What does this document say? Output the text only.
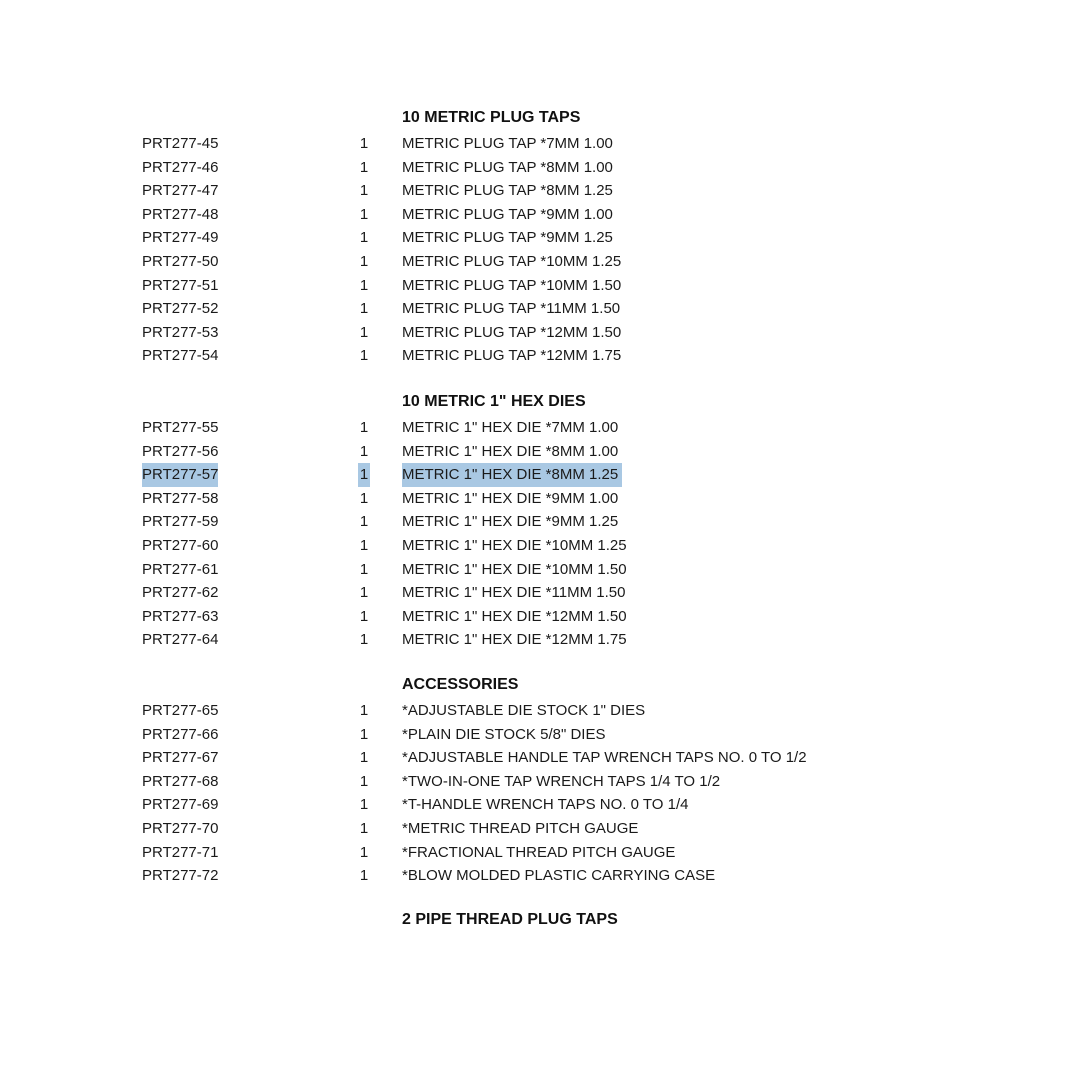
10 METRIC PLUG TAPS
PRT277-45	1 METRIC PLUG TAP *7MM 1.00
PRT277-46	1 METRIC PLUG TAP *8MM 1.00
PRT277-47	1 METRIC PLUG TAP *8MM 1.25
PRT277-48	1 METRIC PLUG TAP *9MM 1.00
PRT277-49	1 METRIC PLUG TAP *9MM 1.25
PRT277-50	1 METRIC PLUG TAP *10MM 1.25
PRT277-51	1 METRIC PLUG TAP *10MM 1.50
PRT277-52	1 METRIC PLUG TAP *11MM 1.50
PRT277-53	1 METRIC PLUG TAP *12MM 1.50
PRT277-54	1 METRIC PLUG TAP *12MM 1.75
10 METRIC 1" HEX DIES
PRT277-55	1 METRIC 1" HEX DIE *7MM 1.00
PRT277-56	1 METRIC 1" HEX DIE *8MM 1.00
PRT277-57	1 METRIC 1" HEX DIE *8MM 1.25
PRT277-58	1 METRIC 1" HEX DIE *9MM 1.00
PRT277-59	1 METRIC 1" HEX DIE *9MM 1.25
PRT277-60	1 METRIC 1" HEX DIE *10MM 1.25
PRT277-61	1 METRIC 1" HEX DIE *10MM 1.50
PRT277-62	1 METRIC 1" HEX DIE *11MM 1.50
PRT277-63	1 METRIC 1" HEX DIE *12MM 1.50
PRT277-64	1 METRIC 1" HEX DIE *12MM 1.75
ACCESSORIES
PRT277-65	1 *ADJUSTABLE DIE STOCK 1" DIES
PRT277-66	1 *PLAIN DIE STOCK 5/8" DIES
PRT277-67	1 *ADJUSTABLE HANDLE TAP WRENCH TAPS NO. 0 TO 1/2
PRT277-68	1 *TWO-IN-ONE TAP WRENCH TAPS 1/4 TO 1/2
PRT277-69	1 *T-HANDLE WRENCH TAPS NO. 0 TO 1/4
PRT277-70	1 *METRIC THREAD PITCH GAUGE
PRT277-71	1 *FRACTIONAL THREAD PITCH GAUGE
PRT277-72	1 *BLOW MOLDED PLASTIC CARRYING CASE
2 PIPE THREAD PLUG TAPS
